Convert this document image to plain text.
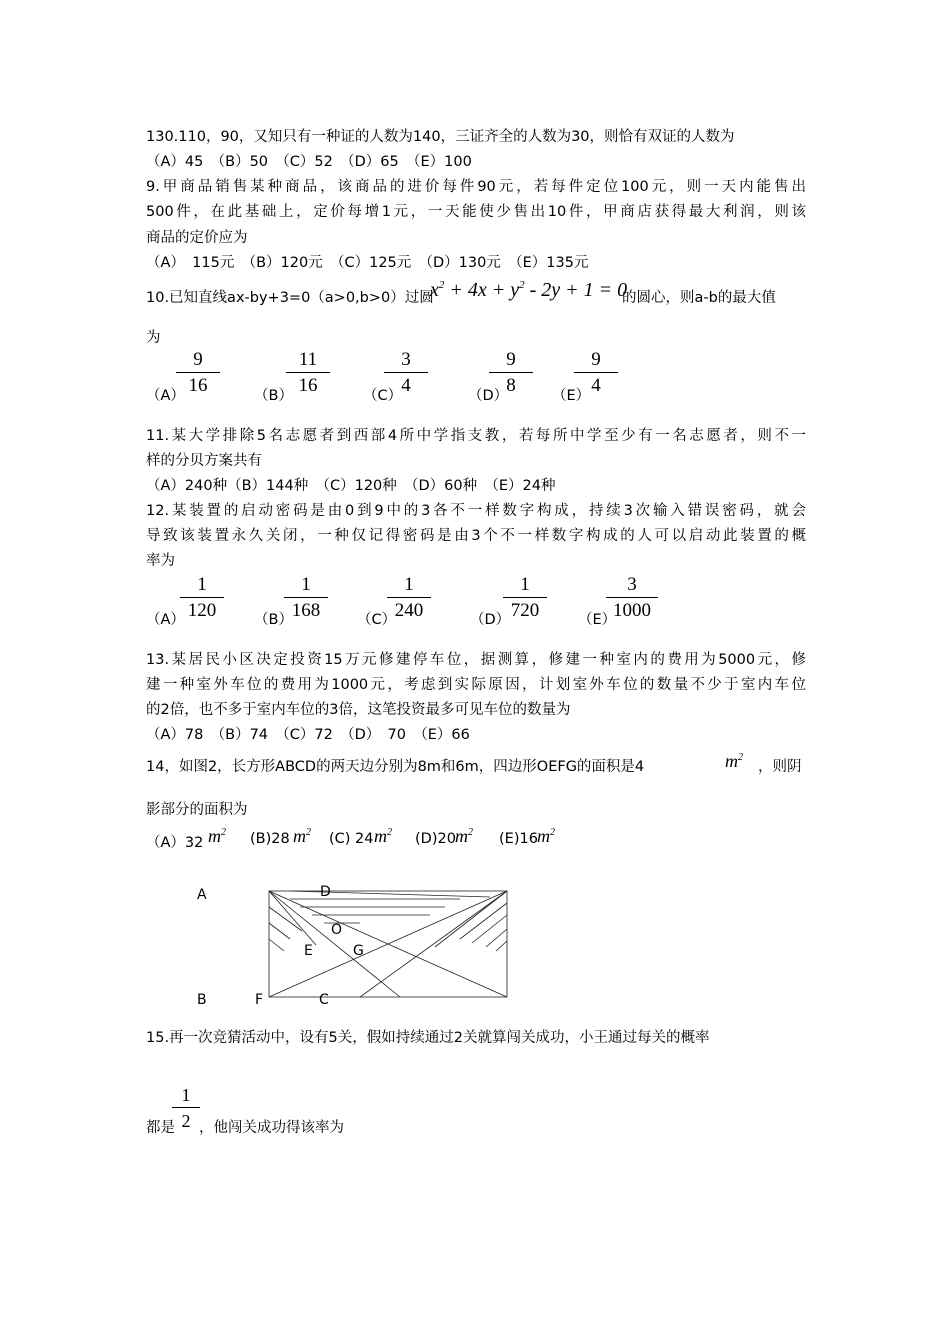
130.110，90，又知只有一种证的人数为140，三证齐全的人数为30，则恰有双证的人数为
（A）45　（B）50　（C）52　（D）65　（E）100
9.甲商品销售某种商品，该商品的进价每件90元，若每件定位100元，则一天内能售出
500件，在此基础上，定价每增1元，一天能使少售出10件，甲商店获得最大利润，则该
商品的定价应为
（A）　115元　（B）120元　（C）125元　（D）130元　（E）135元
10.已知直线ax-by+3=0（a>0,b>0）过圆
$x^2 + 4x + y^2 - 2y + 1 = 0$
的圆心，则a-b的最大值
为
（A）
9
16	（B）
11
16	（C）
3
4	（D）
9
8	（E）
9
4
11.某大学排除5名志愿者到西部4所中学指支教，若每所中学至少有一名志愿者，则不一
样的分贝方案共有
（A）240种（B）144种　（C）120种　（D）60种　（E）24种
12.某装置的启动密码是由0到9中的3各不一样数字构成，持续3次输入错误密码，就会
导致该装置永久关闭，一种仅记得密码是由3个不一样数字构成的人可以启动此装置的概
率为
（A）
1
120	（B）
1
168	（C）
1
240	（D）
1
720	（E）
3
1000
13.某居民小区决定投资15万元修建停车位，据测算，修建一种室内的费用为5000元，修
建一种室外车位的费用为1000元，考虑到实际原因，计划室外车位的数量不少于室内车位
的2倍，也不多于室内车位的3倍，这笔投资最多可见车位的数量为
（A）78　（B）74　（C）72　（D）　70　（E）66
14，如图2，长方形ABCD的两天边分别为8m和6m，四边形OEFG的面积是4	$m^2$
，则阴
影部分的面积为
（A）32 $m^2$ (B)28 $m^2$ (C) 24 $m^2$ (D)20 $m^2$ (E)16 $m^2$
A	D
O
E	G
B	F	C
15.再一次竞猜活动中，设有5关，假如持续通过2关就算闯关成功，小王通过每关的概率
1
2
都是 ，他闯关成功得该率为
